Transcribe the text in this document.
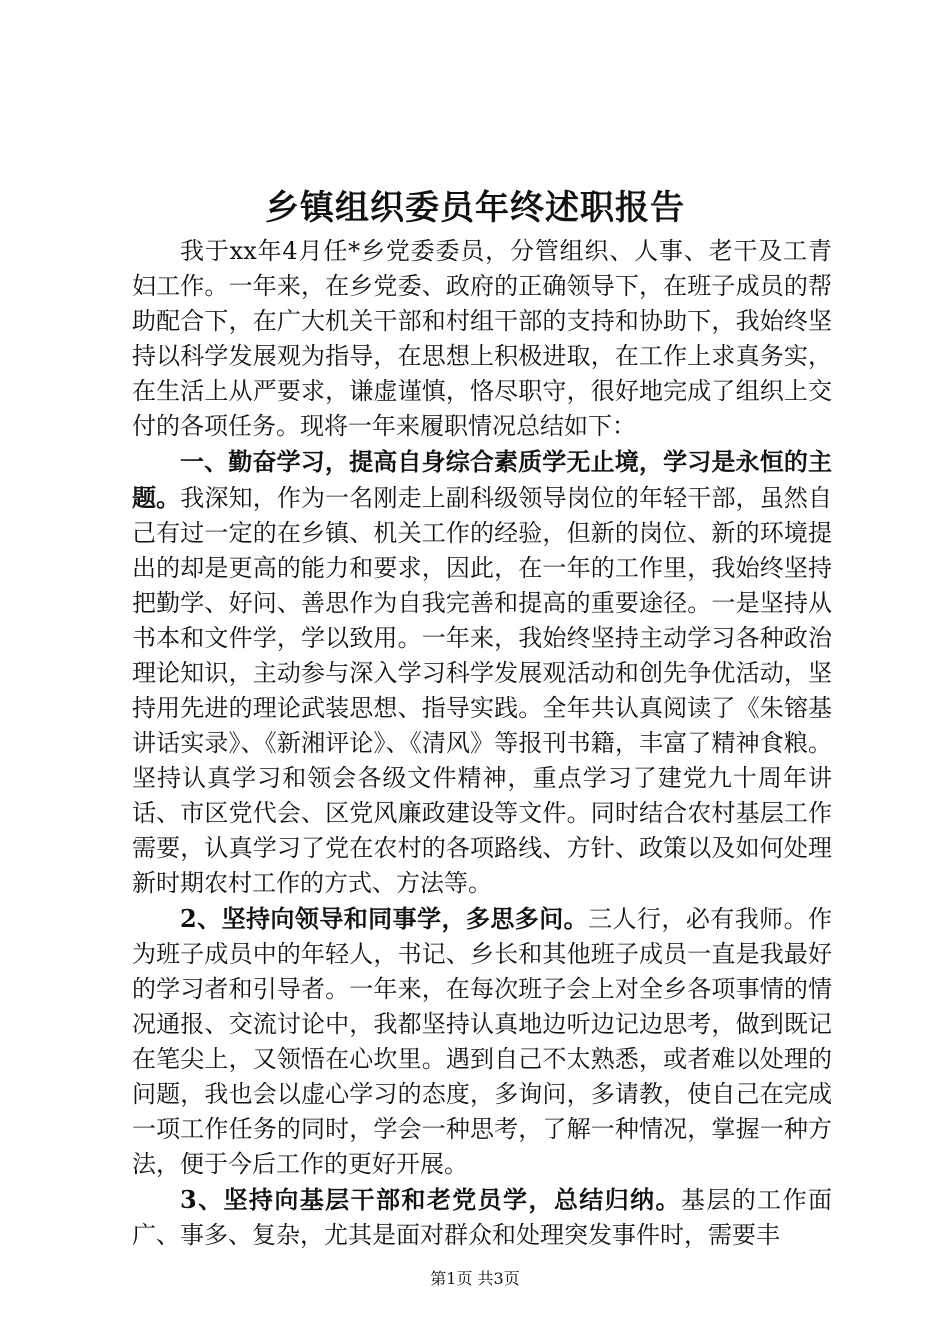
乡镇组织委员年终述职报告

我于xx年4月任*乡党委委员，分管组织、人事、老干及工青妇工作。一年来，在乡党委、政府的正确领导下，在班子成员的帮助配合下，在广大机关干部和村组干部的支持和协助下，我始终坚持以科学发展观为指导，在思想上积极进取，在工作上求真务实，在生活上从严要求，谦虚谨慎，恪尽职守，很好地完成了组织上交付的各项任务。现将一年来履职情况总结如下：

一、勤奋学习，提高自身综合素质学无止境，学习是永恒的主题。我深知，作为一名刚走上副科级领导岗位的年轻干部，虽然自己有过一定的在乡镇、机关工作的经验，但新的岗位、新的环境提出的却是更高的能力和要求，因此，在一年的工作里，我始终坚持把勤学、好问、善思作为自我完善和提高的重要途径。一是坚持从书本和文件学，学以致用。一年来，我始终坚持主动学习各种政治理论知识，主动参与深入学习科学发展观活动和创先争优活动，坚持用先进的理论武装思想、指导实践。全年共认真阅读了《朱镕基讲话实录》、《新湘评论》、《清风》等报刊书籍，丰富了精神食粮。坚持认真学习和领会各级文件精神，重点学习了建党九十周年讲话、市区党代会、区党风廉政建设等文件。同时结合农村基层工作需要，认真学习了党在农村的各项路线、方针、政策以及如何处理新时期农村工作的方式、方法等。

2、坚持向领导和同事学，多思多问。三人行，必有我师。作为班子成员中的年轻人，书记、乡长和其他班子成员一直是我最好的学习者和引导者。一年来，在每次班子会上对全乡各项事情的情况通报、交流讨论中，我都坚持认真地边听边记边思考，做到既记在笔尖上，又领悟在心坎里。遇到自己不太熟悉，或者难以处理的问题，我也会以虚心学习的态度，多询问，多请教，使自己在完成一项工作任务的同时，学会一种思考，了解一种情况，掌握一种方法，便于今后工作的更好开展。

3、坚持向基层干部和老党员学，总结归纳。基层的工作面广、事多、复杂，尤其是面对群众和处理突发事件时，需要丰

第1页 共3页
